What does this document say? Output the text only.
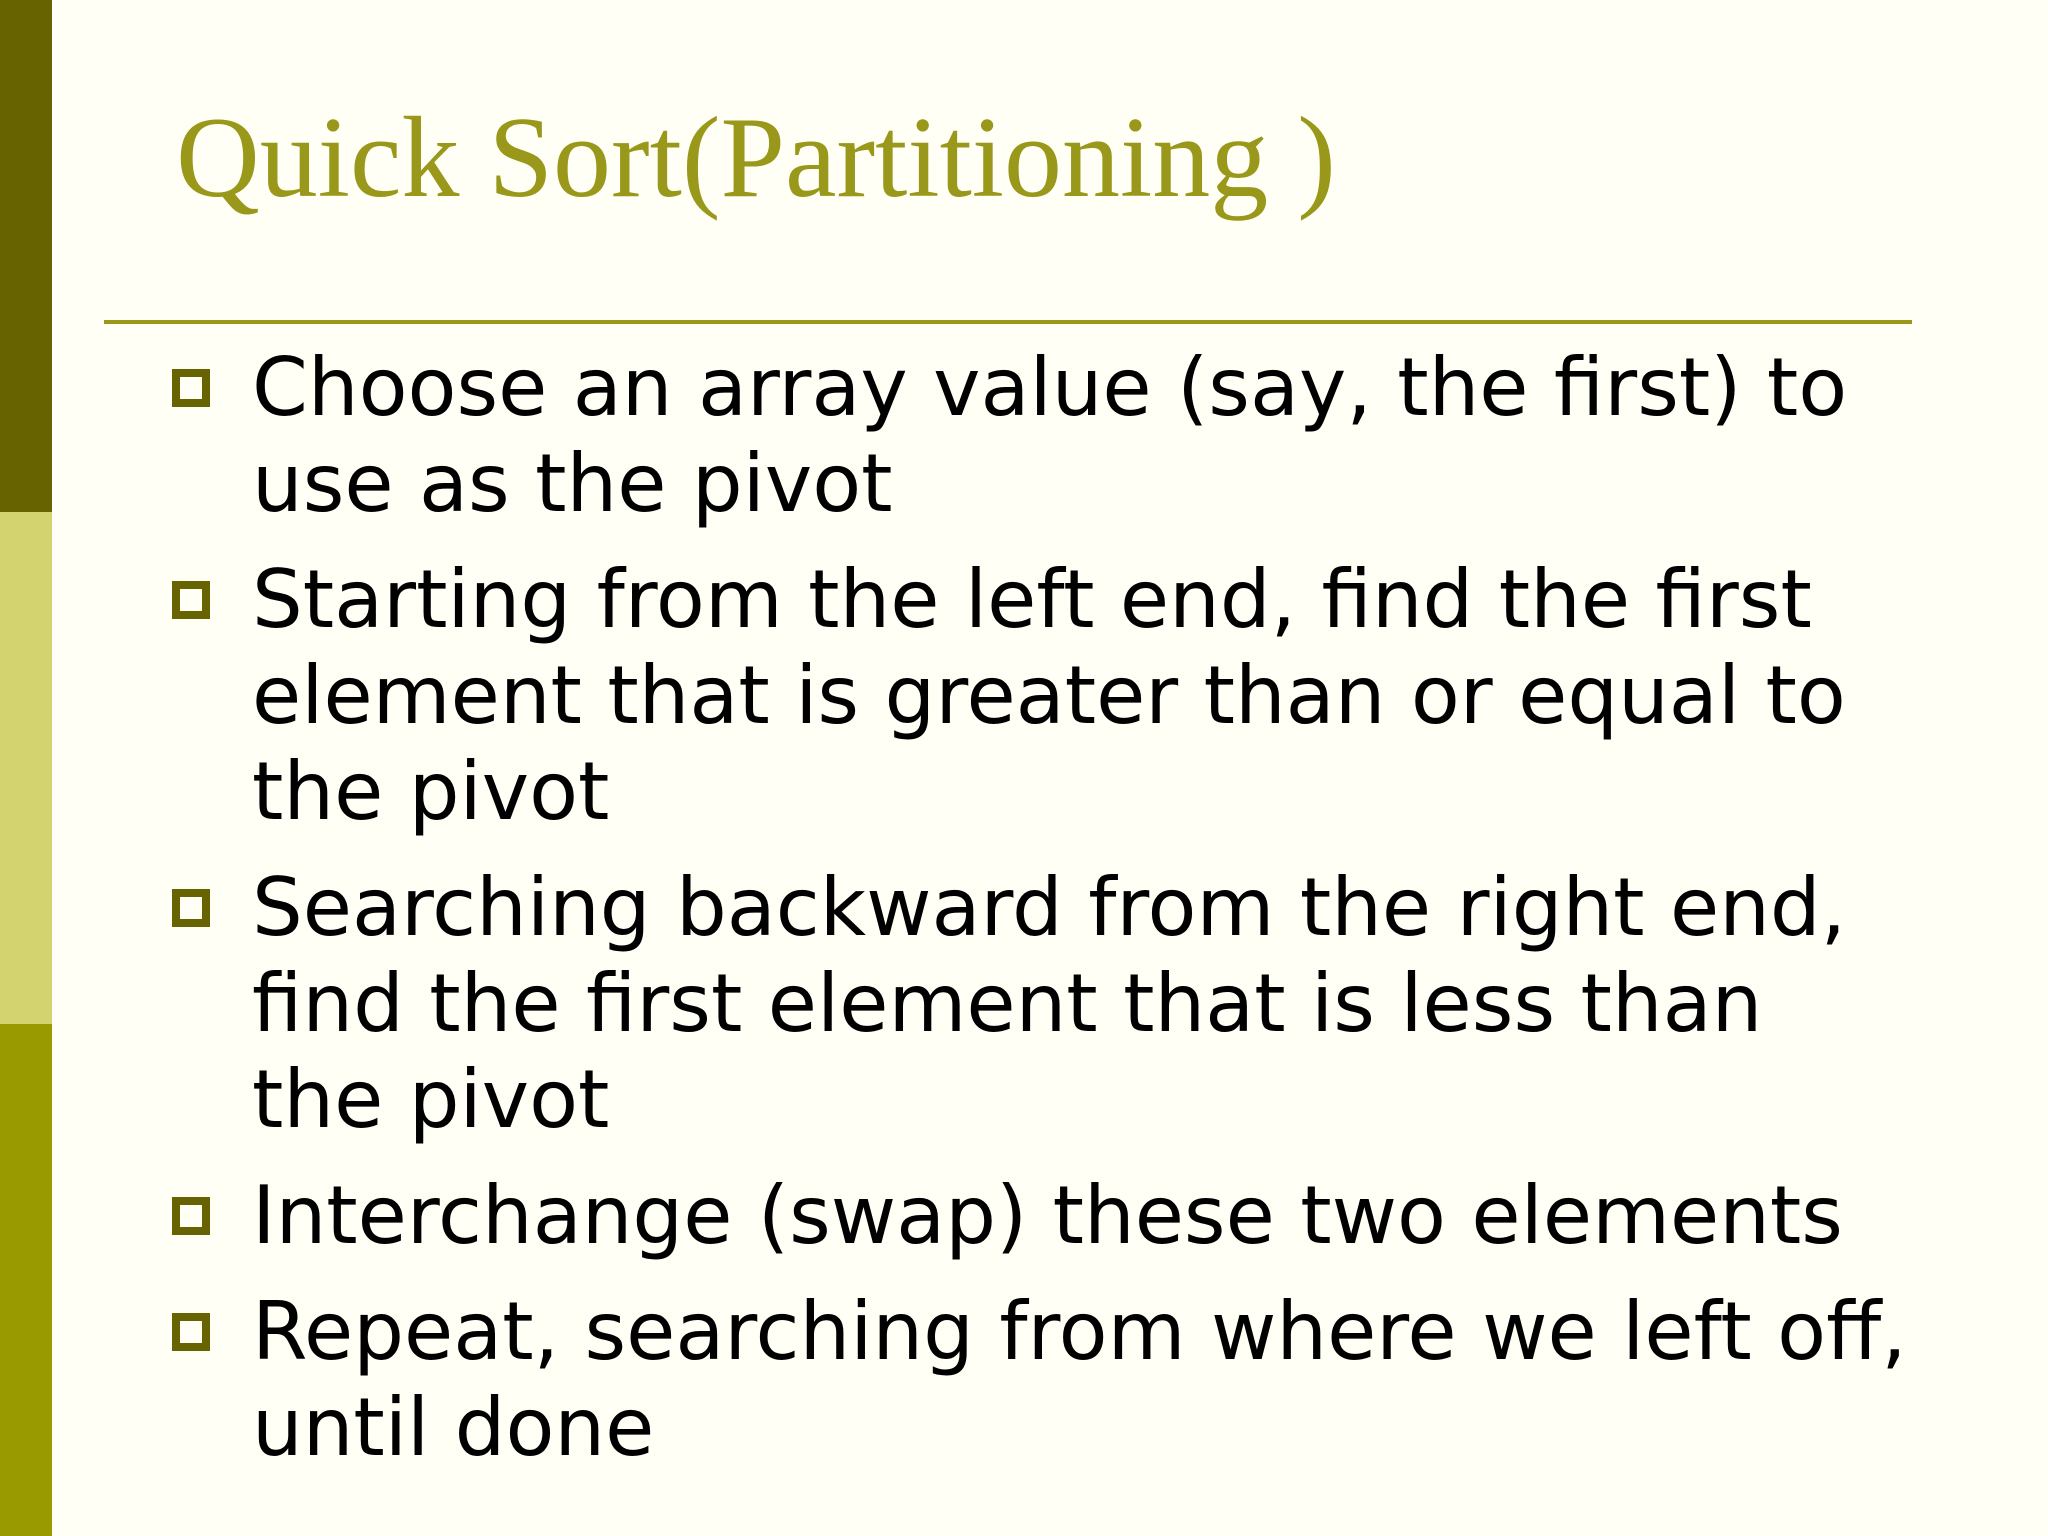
Quick Sort(Partitioning )
Choose an array value (say, the first) to use as the pivot
Starting from the left end, find the first element that is greater than or equal to the pivot
Searching backward from the right end, find the first element that is less than the pivot
Interchange (swap) these two elements
Repeat, searching from where we left off, until done
